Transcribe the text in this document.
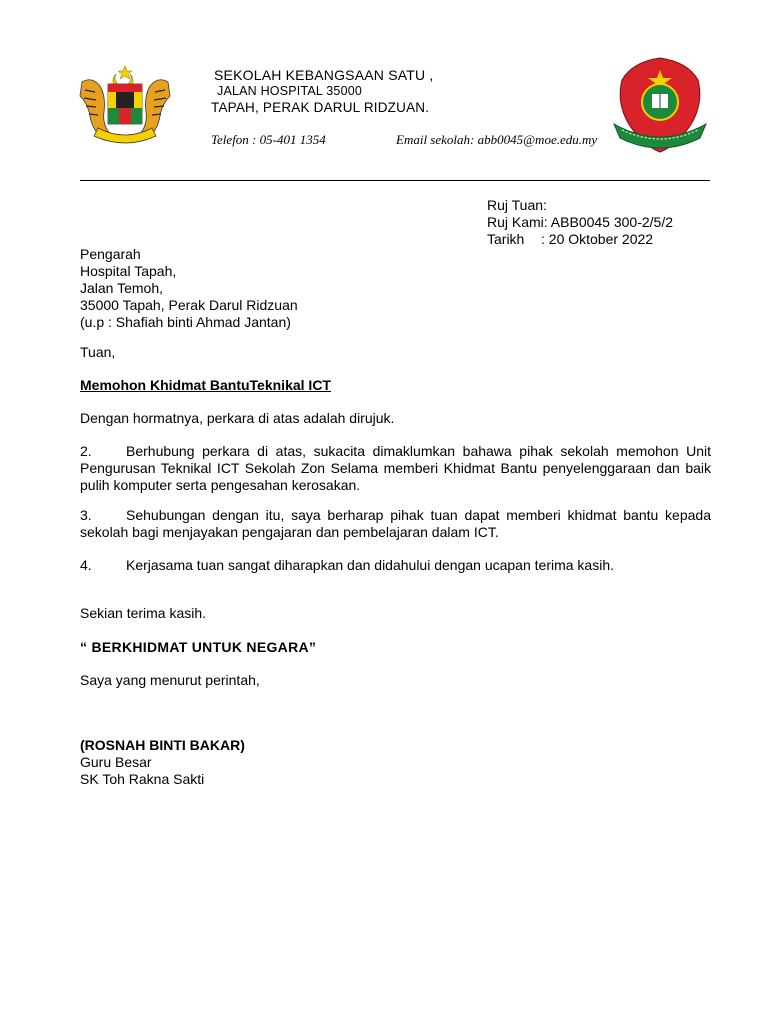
SEKOLAH KEBANGSAAN SATU ,
JALAN HOSPITAL 35000
TAPAH, PERAK DARUL RIDZUAN.
Telefon : 05-401 1354	Email sekolah: abb0045@moe.edu.my
Ruj Tuan:
Ruj Kami: ABB0045 300-2/5/2
Tarikh : 20 Oktober 2022
Pengarah
Hospital Tapah,
Jalan Temoh,
35000 Tapah, Perak Darul Ridzuan
(u.p : Shafiah binti Ahmad Jantan)
Tuan,
Memohon Khidmat BantuTeknikal ICT
Dengan hormatnya, perkara di atas adalah dirujuk.
2. Berhubung perkara di atas, sukacita dimaklumkan bahawa pihak sekolah memohon Unit Pengurusan Teknikal ICT Sekolah Zon Selama memberi Khidmat Bantu penyelenggaraan dan baik pulih komputer serta pengesahan kerosakan.
3. Sehubungan dengan itu, saya berharap pihak tuan dapat memberi khidmat bantu kepada sekolah bagi menjayakan pengajaran dan pembelajaran dalam ICT.
4. Kerjasama tuan sangat diharapkan dan didahului dengan ucapan terima kasih.
Sekian terima kasih.
“ BERKHIDMAT UNTUK NEGARA”
Saya yang menurut perintah,
(ROSNAH BINTI BAKAR)
Guru Besar
SK Toh Rakna Sakti
